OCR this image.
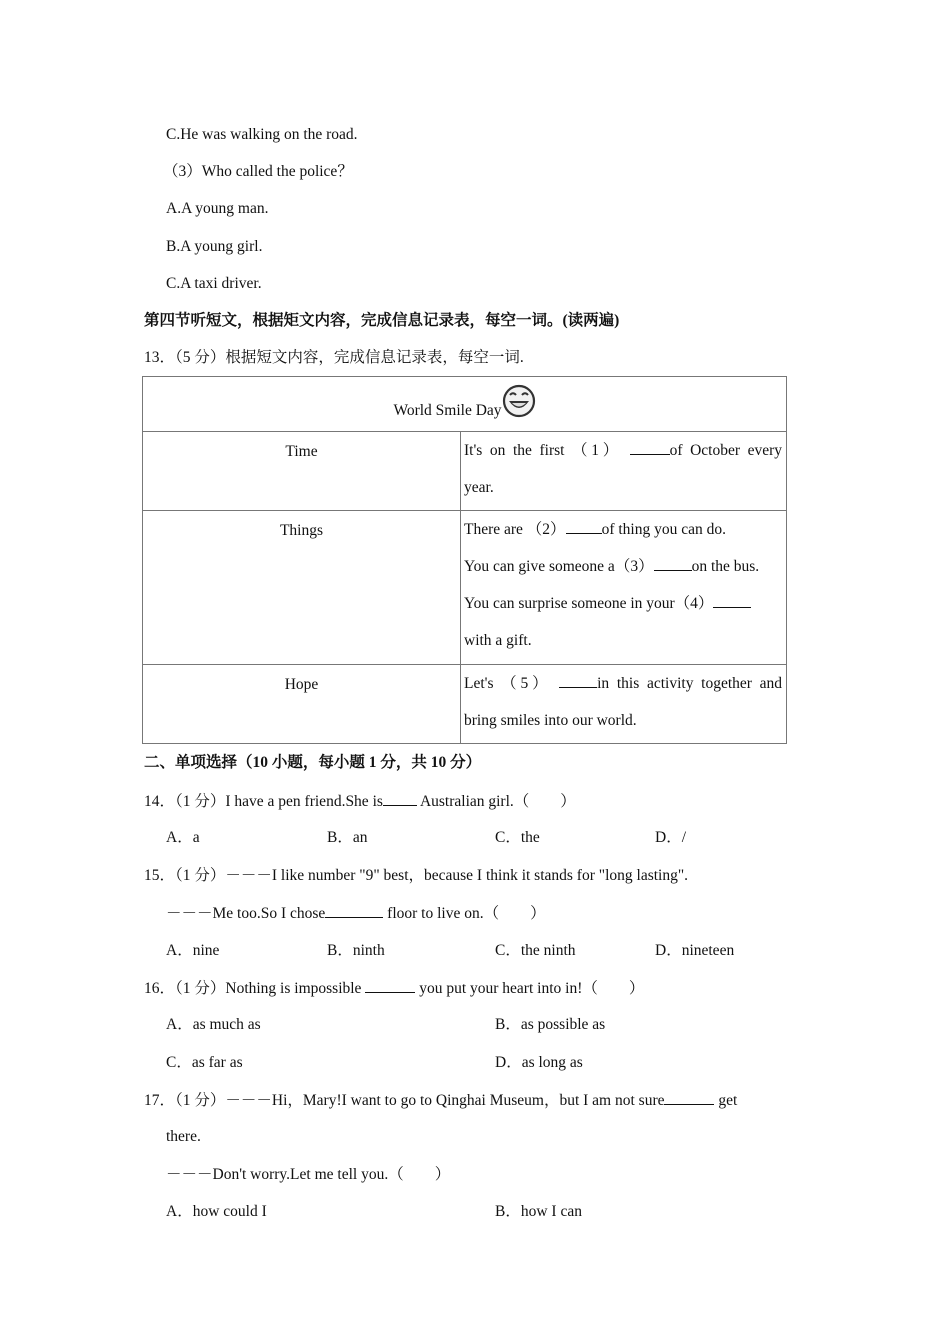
C.He was walking on the road.
（3）Who called the police？
A.A young man.
B.A young girl.
C.A taxi driver.
第四节听短文，根据矩文内容，完成信息记录表，每空一词。(读两遍)
13．（5 分）根据短文内容，完成信息记录表，每空一词.
World Smile Day	

Time	It's on the first （1） of October every
year.

Things	There are （2） of thing you can do.
You can give someone a（3） on the bus.
You can surprise someone in your（4）
with a gift.

Hope	Let's （5） in this activity together and
bring smiles into our world.
二、单项选择（10 小题，每小题 1 分，共 10 分）
14．（1 分）I have a pen friend.She is Australian girl.（　　）
A．a	B．an	C．the	D．/
15．（1 分）－－－I like number "9" best，because I think it stands for "long lasting".
－－－Me too.So I chose	floor to live on.（　　）
A．nine	B．ninth	C．the ninth	D．nineteen
16．（1 分）Nothing is impossible	you put your heart into in!（　　）
A．as much as	B．as possible as
C．as far as	D．as long as
17．（1 分）－－－Hi，Mary!I want to go to Qinghai Museum，but I am not sure	get
there.
－－－Don't worry.Let me tell you.（　　）
A．how could I	B．how I can
